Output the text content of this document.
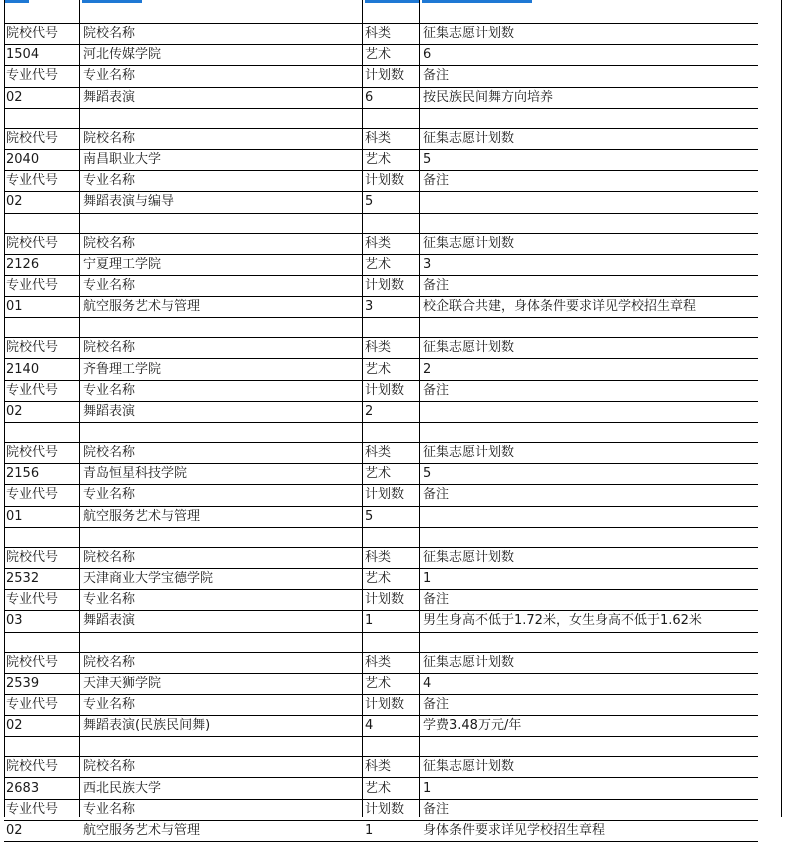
院校代号	院校名称	科类	征集志愿计划数
1504	河北传媒学院	艺术	6
专业代号	专业名称	计划数	备注
02	舞蹈表演	6	按民族民间舞方向培养

院校代号	院校名称	科类	征集志愿计划数
2040	南昌职业大学	艺术	5
专业代号	专业名称	计划数	备注
02	舞蹈表演与编导	5	

院校代号	院校名称	科类	征集志愿计划数
2126	宁夏理工学院	艺术	3
专业代号	专业名称	计划数	备注
01	航空服务艺术与管理	3	校企联合共建，身体条件要求详见学校招生章程

院校代号	院校名称	科类	征集志愿计划数
2140	齐鲁理工学院	艺术	2
专业代号	专业名称	计划数	备注
02	舞蹈表演	2	

院校代号	院校名称	科类	征集志愿计划数
2156	青岛恒星科技学院	艺术	5
专业代号	专业名称	计划数	备注
01	航空服务艺术与管理	5	

院校代号	院校名称	科类	征集志愿计划数
2532	天津商业大学宝德学院	艺术	1
专业代号	专业名称	计划数	备注
03	舞蹈表演	1	男生身高不低于1.72米，女生身高不低于1.62米

院校代号	院校名称	科类	征集志愿计划数
2539	天津天狮学院	艺术	4
专业代号	专业名称	计划数	备注
02	舞蹈表演(民族民间舞)	4	学费3.48万元/年

院校代号	院校名称	科类	征集志愿计划数
2683	西北民族大学	艺术	1
专业代号	专业名称	计划数	备注
02	航空服务艺术与管理	1	身体条件要求详见学校招生章程
